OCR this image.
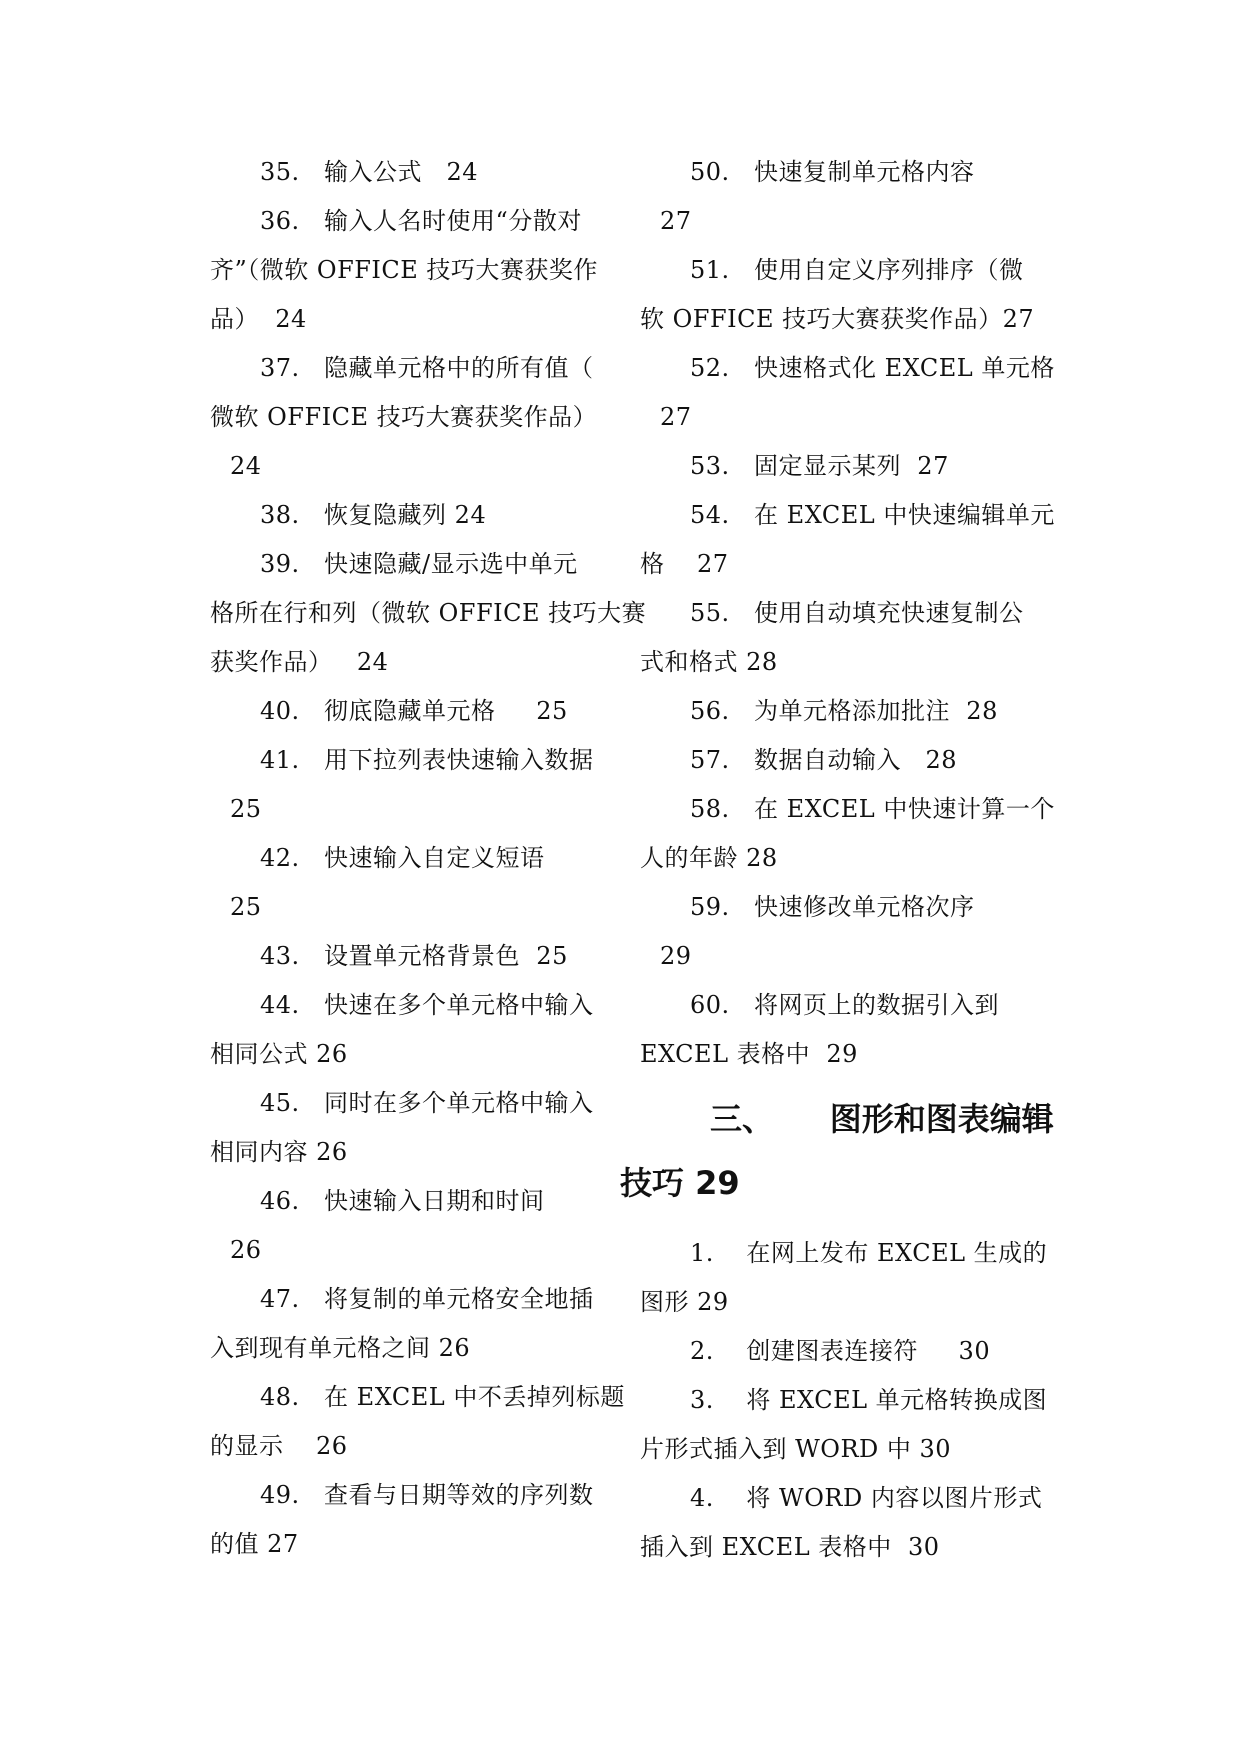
35.   输入公式   24
36.   输入人名时使用“分散对
齐”（微软 OFFICE 技巧大赛获奖作
品）  24
37.   隐藏单元格中的所有值（
微软 OFFICE 技巧大赛获奖作品）
24
38.   恢复隐藏列 24
39.   快速隐藏/显示选中单元
格所在行和列（微软 OFFICE 技巧大赛
获奖作品）   24
40.   彻底隐藏单元格     25
41.   用下拉列表快速输入数据
25
42.   快速输入自定义短语
25
43.   设置单元格背景色  25
44.   快速在多个单元格中输入
相同公式 26
45.   同时在多个单元格中输入
相同内容 26
46.   快速输入日期和时间
26
47.   将复制的单元格安全地插
入到现有单元格之间 26
48.   在 EXCEL 中不丢掉列标题
的显示    26
49.   查看与日期等效的序列数
的值 27
50.   快速复制单元格内容
27
51.   使用自定义序列排序（微
软 OFFICE 技巧大赛获奖作品）27
52.   快速格式化 EXCEL 单元格
27
53.   固定显示某列  27
54.   在 EXCEL 中快速编辑单元
格    27
55.   使用自动填充快速复制公
式和格式 28
56.   为单元格添加批注  28
57.   数据自动输入   28
58.   在 EXCEL 中快速计算一个
人的年龄 28
59.   快速修改单元格次序
29
60.   将网页上的数据引入到
EXCEL 表格中  29
三、     图形和图表编辑
技巧 29
1.    在网上发布 EXCEL 生成的
图形 29
2.    创建图表连接符     30
3.    将 EXCEL 单元格转换成图
片形式插入到 WORD 中 30
4.    将 WORD 内容以图片形式
插入到 EXCEL 表格中  30
